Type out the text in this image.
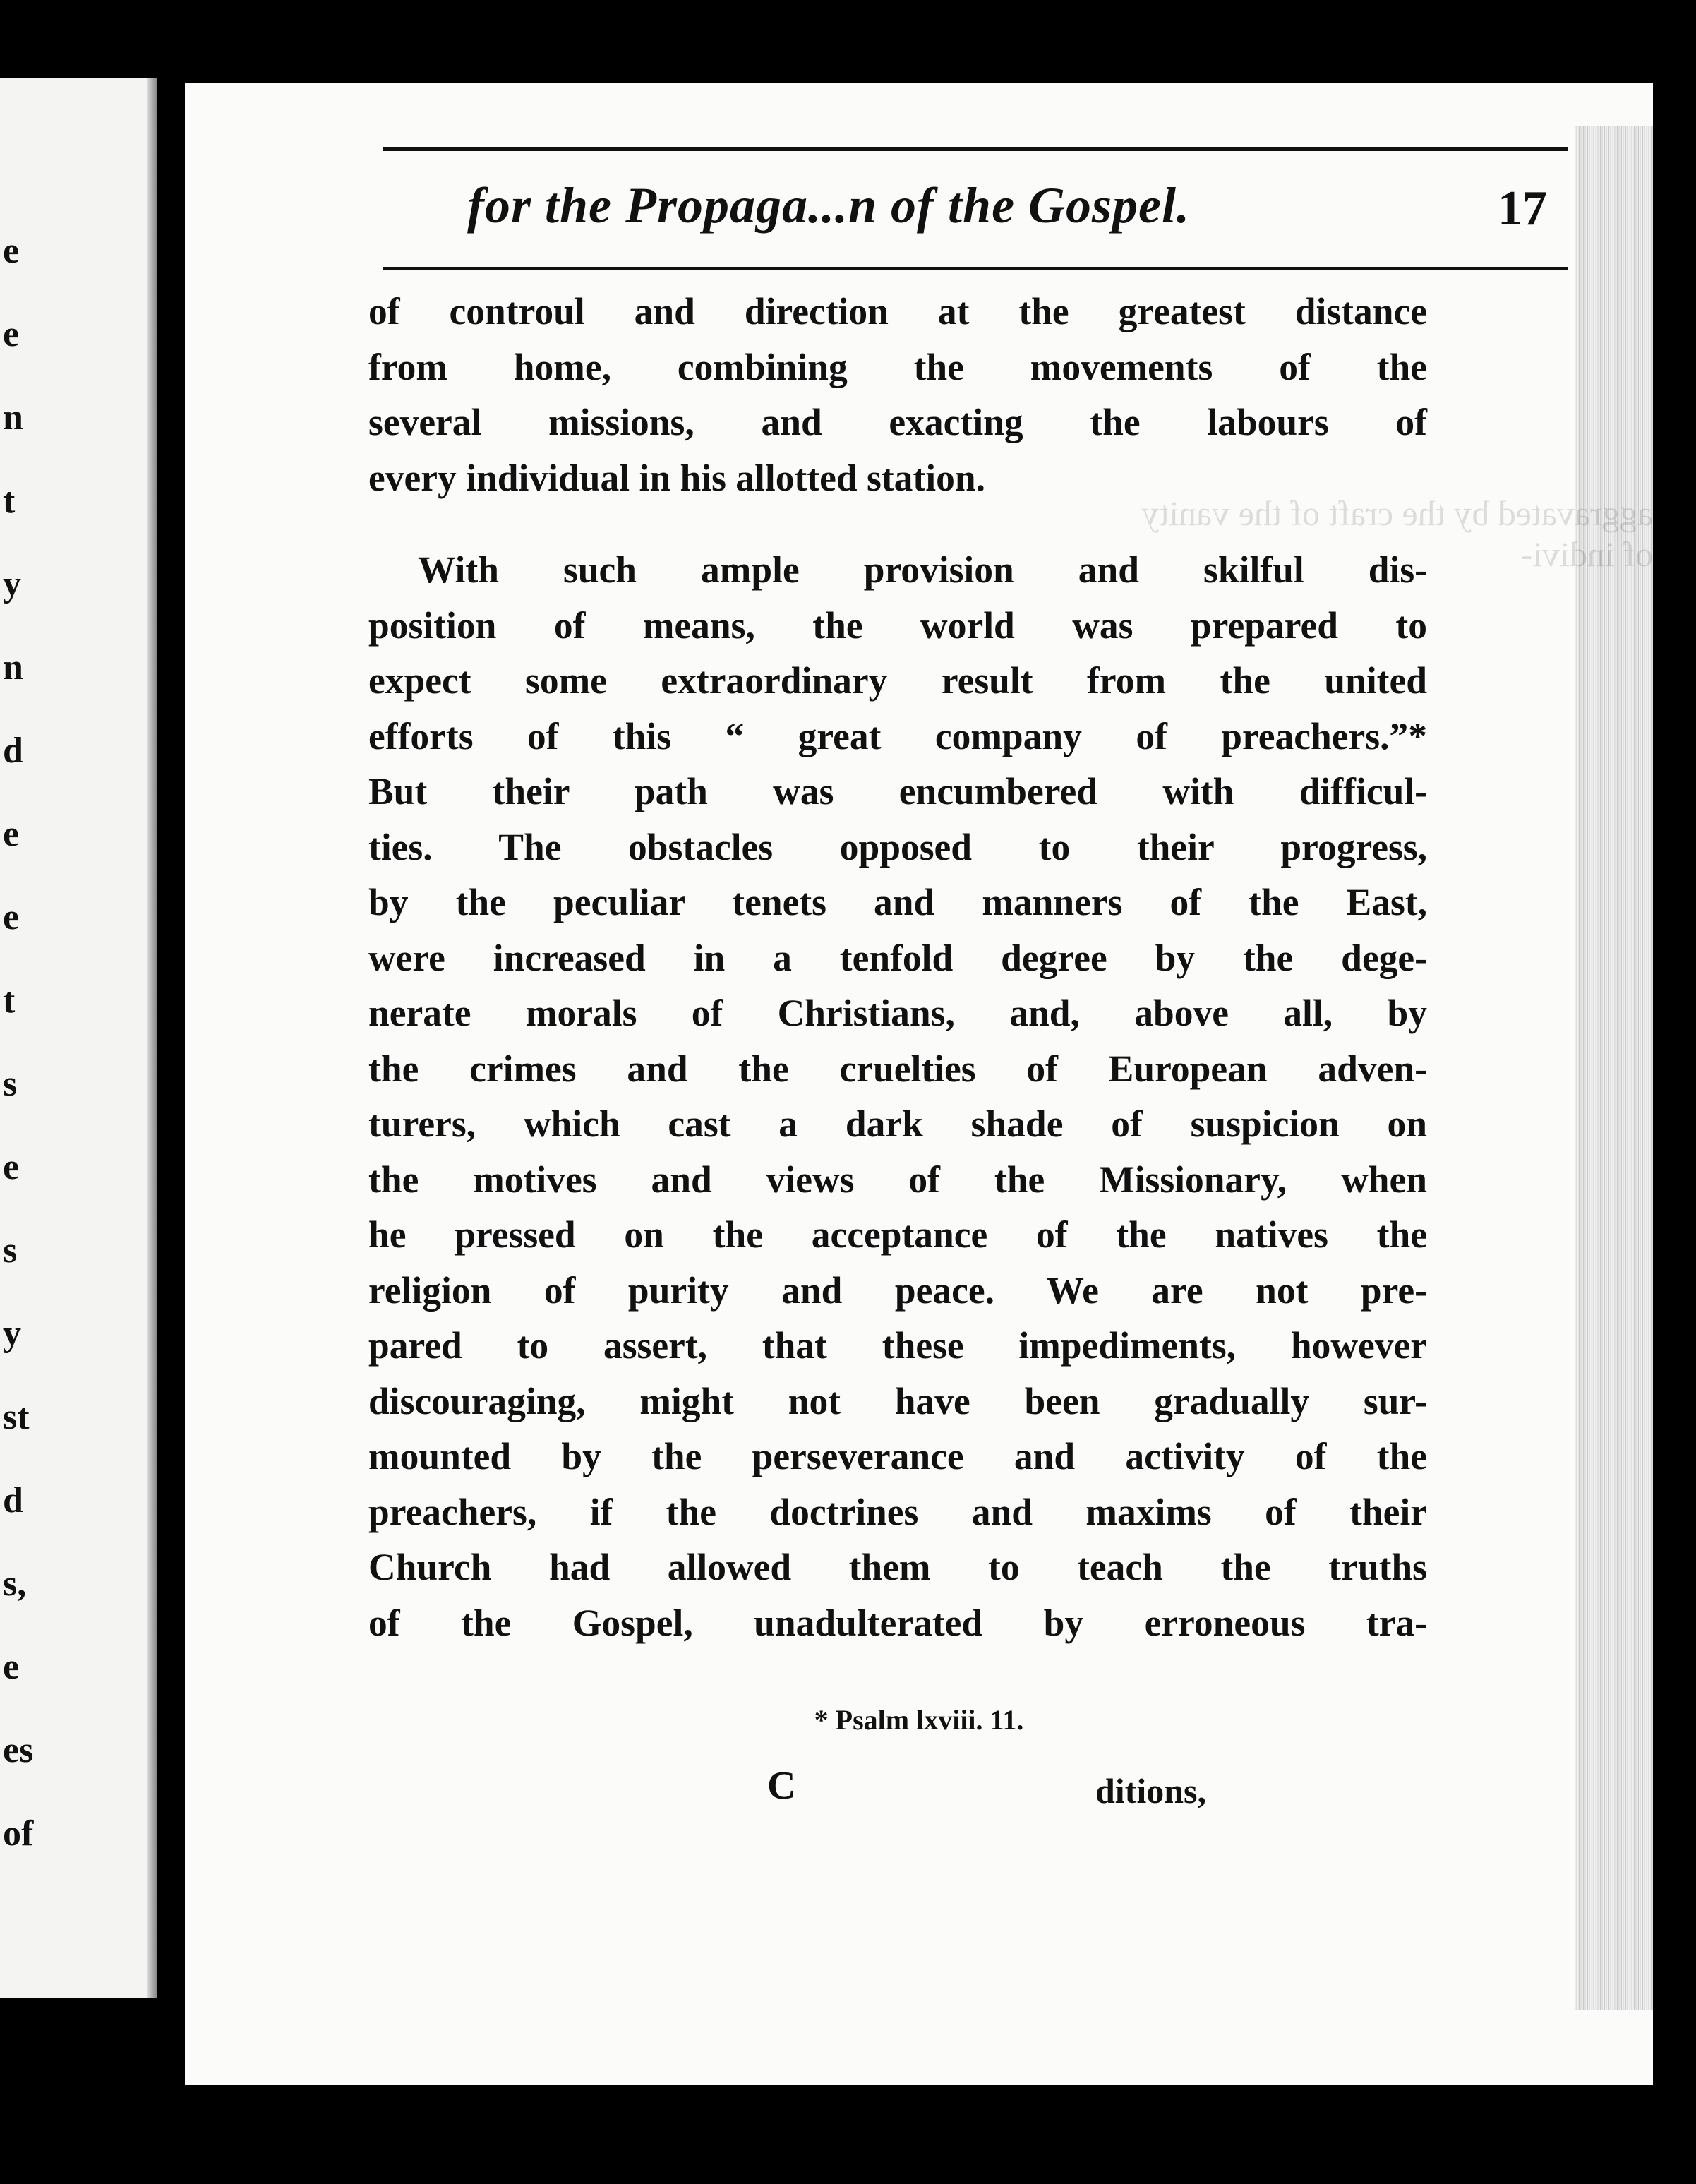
e
e
n
t
y
n
d
e
e
t
s
e
s
y
st
d
s,
e
es
of
aggravated by the craft of the vanity of indivi-
for the Propaga...n of the Gospel.	17
of controul and direction at the greatest distance
from home, combining the movements of the
several missions, and exacting the labours of
every individual in his allotted station.
With such ample provision and skilful dis-
position of means, the world was prepared to
expect some extraordinary result from the united
efforts of this “ great company of preachers.”*
But their path was encumbered with difficul-
ties. The obstacles opposed to their progress,
by the peculiar tenets and manners of the East,
were increased in a tenfold degree by the dege-
nerate morals of Christians, and, above all, by
the crimes and the cruelties of European adven-
turers, which cast a dark shade of suspicion on
the motives and views of the Missionary, when
he pressed on the acceptance of the natives the
religion of purity and peace. We are not pre-
pared to assert, that these impediments, however
discouraging, might not have been gradually sur-
mounted by the perseverance and activity of the
preachers, if the doctrines and maxims of their
Church had allowed them to teach the truths
of the Gospel, unadulterated by erroneous tra-
* Psalm lxviii. 11.
C	ditions,
